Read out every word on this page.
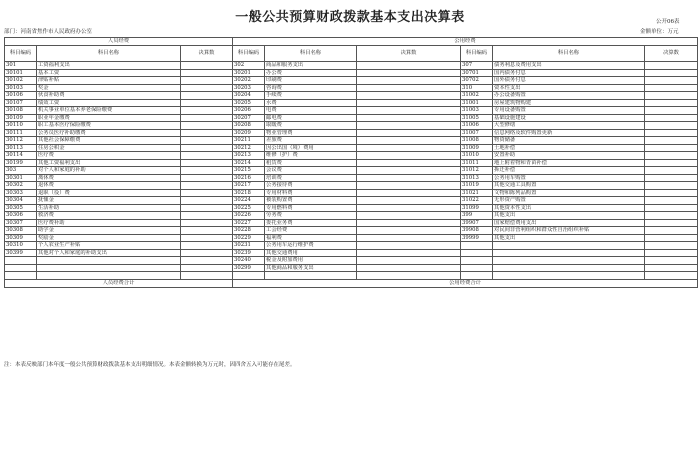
一般公共预算财政拨款基本支出决算表	公开06表
部门：河南省焦作市人民政府办公室	金额单位：万元
人员经费			公用经费					
科目编码	科目名称	决算数	科目编码	科目名称	决算数	科目编码	科目名称	决算数
301	工资福利支出		302	商品和服务支出		307	债务利息及费用支出	
30101	基本工资		30201	办公费		30701	国内债务付息	
30102	津贴补贴		30202	印刷费		30702	国外债务付息	
30103	奖金		30203	咨询费		310	资本性支出	
30106	伙食补助费		30204	手续费		31002	办公设备购置	
30107	绩效工资		30205	水费		31001	房屋建筑物购建	
30108	机关事业单位基本养老保险缴费		30206	电费		31003	专用设备购置	
30109	职业年金缴费		30207	邮电费		31005	基础设施建设	
30110	职工基本医疗保险缴费		30208	取暖费		31006	大型修缮	
30111	公务员医疗补助缴费		30209	物业管理费		31007	信息网络及软件购置更新	
30112	其他社会保障缴费		30211	差旅费		31008	物资储备	
30113	住房公积金		30212	因公出国（境）费用		31009	土地补偿	
30114	医疗费		30213	维修（护）费		31010	安置补助	
30199	其他工资福利支出		30214	租赁费		31011	地上附着物和青苗补偿	
303	对个人和家庭的补助		30215	会议费		31012	拆迁补偿	
30301	离休费		30216	培训费		31013	公务用车购置	
30302	退休费		30217	公务接待费		31019	其他交通工具购置	
30303	退职（役）费		30218	专用材料费		31021	文物和陈列品购置	
30304	抚恤金		30224	被装购置费		31022	无形资产购置	
30305	生活补助		30225	专用燃料费		31099	其他资本性支出	
30306	救济费		30226	劳务费		399	其他支出	
30307	医疗费补助		30227	委托业务费		39907	国家赔偿费用支出	
30308	助学金		30228	工会经费		39908	对民间非营利组织和群众性自治组织补贴	
30309	奖励金		30229	福利费		39999	其他支出	
30310	个人农业生产补贴		30231	公务用车运行维护费				
30399	其他对个人和家庭的补助支出		30239	其他交通费用				
			30240	税金及附加费用				
			30299	其他商品和服务支出				

人员经费合计			公用经费合计					
注：本表反映部门本年度一般公共预算财政拨款基本支出明细情况。本表金额转换为万元时，因四舍五入可能存在尾差。
